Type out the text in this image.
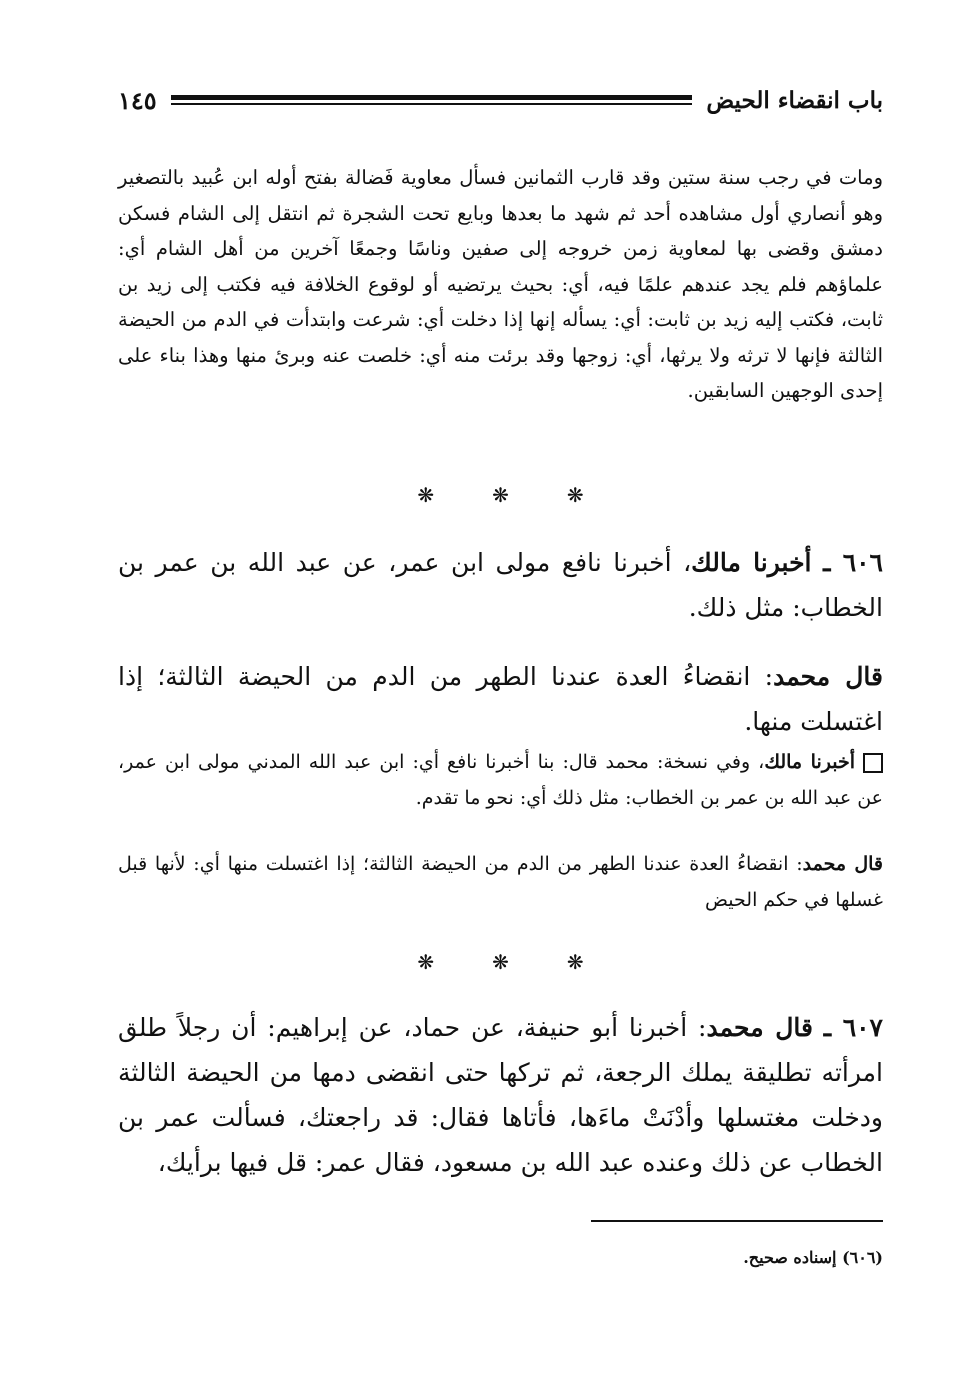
باب انقضاء الحيض
١٤٥
ومات في رجب سنة ستين وقد قارب الثمانين فسأل معاوية فَضالة بفتح أوله ابن عُبيد بالتصغير وهو أنصاري أول مشاهده أحد ثم شهد ما بعدها وبايع تحت الشجرة ثم انتقل إلى الشام فسكن دمشق وقضى بها لمعاوية زمن خروجه إلى صفين وناسًا وجمعًا آخرين من أهل الشام أي: علماؤهم فلم يجد عندهم علمًا فيه، أي: بحيث يرتضيه أو لوقوع الخلافة فيه فكتب إلى زيد بن ثابت، فكتب إليه زيد بن ثابت: أي: يسأله إنها إذا دخلت أي: شرعت وابتدأت في الدم من الحيضة الثالثة فإنها لا ترثه ولا يرثها، أي: زوجها وقد برئت منه أي: خلصت عنه وبرئ منها وهذا بناء على إحدى الوجهين السابقين.
❋	❋	❋
٦٠٦ ـ أخبرنا مالك، أخبرنا نافع مولى ابن عمر، عن عبد الله بن عمر بن الخطاب: مثل ذلك.
قال محمد: انقضاءُ العدة عندنا الطهر من الدم من الحيضة الثالثة؛ إذا اغتسلت منها.
أخبرنا مالك، وفي نسخة: محمد قال: بنا أخبرنا نافع أي: ابن عبد الله المدني مولى ابن عمر، عن عبد الله بن عمر بن الخطاب: مثل ذلك أي: نحو ما تقدم.
قال محمد: انقضاءُ العدة عندنا الطهر من الدم من الحيضة الثالثة؛ إذا اغتسلت منها أي: لأنها قبل غسلها في حكم الحيض
❋	❋	❋
٦٠٧ ـ قال محمد: أخبرنا أبو حنيفة، عن حماد، عن إبراهيم: أن رجلاً طلق امرأته تطليقة يملك الرجعة، ثم تركها حتى انقضى دمها من الحيضة الثالثة ودخلت مغتسلها وأدْنَتْ ماءَها، فأتاها فقال: قد راجعتك، فسألت عمر بن الخطاب عن ذلك وعنده عبد الله بن مسعود، فقال عمر: قل فيها برأيك،
(٦٠٦) إسناده صحيح.
